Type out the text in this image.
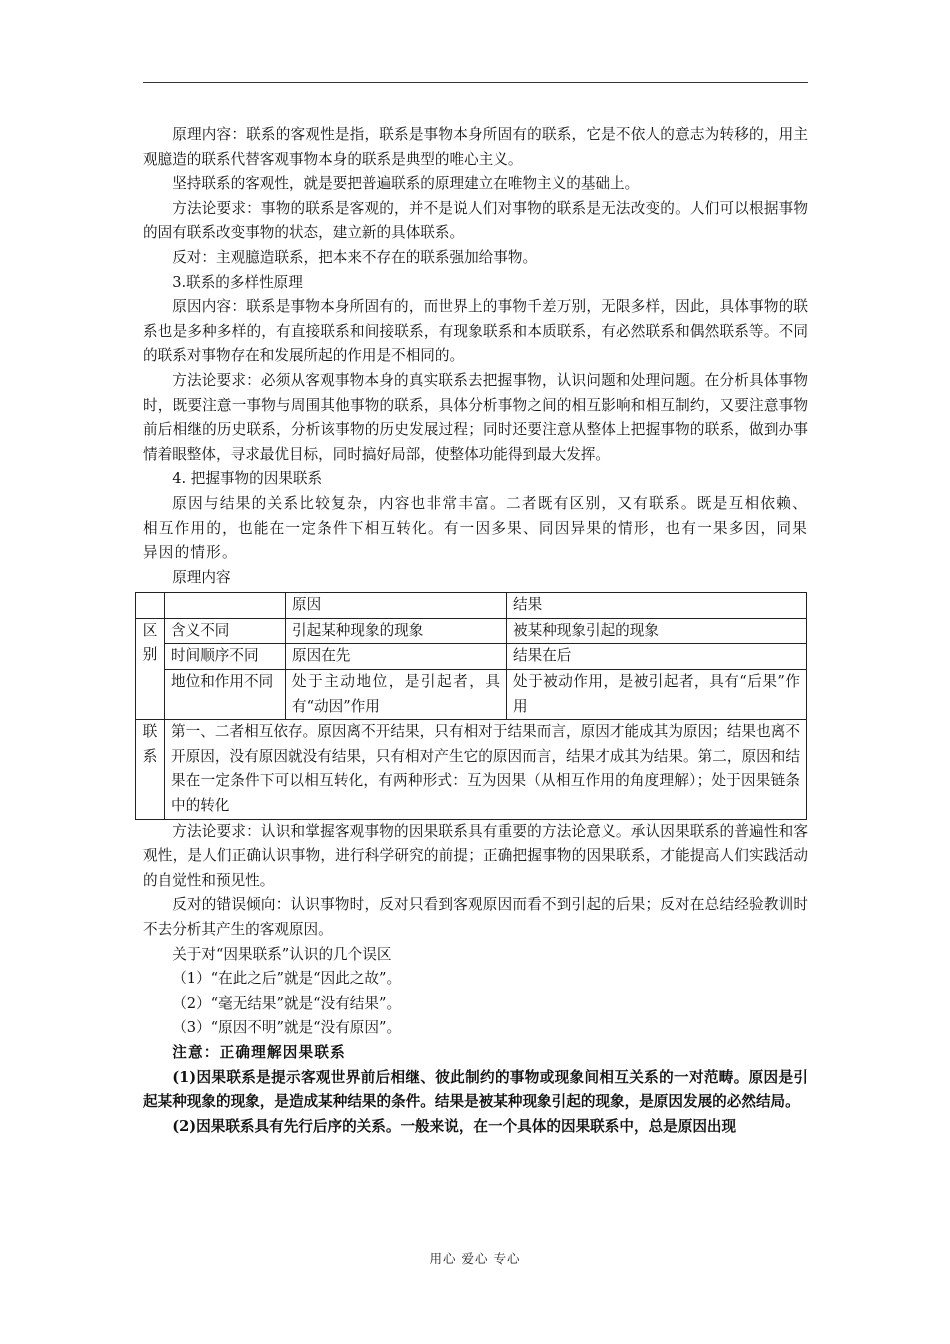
原理内容：联系的客观性是指，联系是事物本身所固有的联系，它是不依人的意志为转移的，用主观臆造的联系代替客观事物本身的联系是典型的唯心主义。

坚持联系的客观性，就是要把普遍联系的原理建立在唯物主义的基础上。

方法论要求：事物的联系是客观的，并不是说人们对事物的联系是无法改变的。人们可以根据事物的固有联系改变事物的状态，建立新的具体联系。

反对：主观臆造联系，把本来不存在的联系强加给事物。

3.联系的多样性原理

原因内容：联系是事物本身所固有的，而世界上的事物千差万别，无限多样，因此，具体事物的联系也是多种多样的，有直接联系和间接联系，有现象联系和本质联系，有必然联系和偶然联系等。不同的联系对事物存在和发展所起的作用是不相同的。

方法论要求：必须从客观事物本身的真实联系去把握事物，认识问题和处理问题。在分析具体事物时，既要注意一事物与周围其他事物的联系，具体分析事物之间的相互影响和相互制约，又要注意事物前后相继的历史联系，分析该事物的历史发展过程；同时还要注意从整体上把握事物的联系，做到办事情着眼整体，寻求最优目标，同时搞好局部，使整体功能得到最大发挥。

4. 把握事物的因果联系

原因与结果的关系比较复杂，内容也非常丰富。二者既有区别，又有联系。既是互相依赖、相互作用的，也能在一定条件下相互转化。有一因多果、同因异果的情形，也有一果多因，同果异因的情形。

原理内容

		原因	结果
区别	含义不同	引起某种现象的现象	被某种现象引起的现象
	时间顺序不同	原因在先	结果在后
	地位和作用不同	处于主动地位，是引起者，具有“动因”作用	处于被动作用，是被引起者，具有“后果”作用
联系	第一、二者相互依存。原因离不开结果，只有相对于结果而言，原因才能成其为原因；结果也离不开原因，没有原因就没有结果，只有相对产生它的原因而言，结果才成其为结果。第二，原因和结果在一定条件下可以相互转化，有两种形式：互为因果（从相互作用的角度理解）；处于因果链条中的转化		

方法论要求：认识和掌握客观事物的因果联系具有重要的方法论意义。承认因果联系的普遍性和客观性，是人们正确认识事物，进行科学研究的前提；正确把握事物的因果联系，才能提高人们实践活动的自觉性和预见性。

反对的错误倾向：认识事物时，反对只看到客观原因而看不到引起的后果；反对在总结经验教训时不去分析其产生的客观原因。

关于对“因果联系”认识的几个误区

（1）“在此之后”就是“因此之故”。

（2）“毫无结果”就是“没有结果”。

（3）“原因不明”就是“没有原因”。

注意：正确理解因果联系

(1)因果联系是提示客观世界前后相继、彼此制约的事物或现象间相互关系的一对范畴。原因是引起某种现象的现象，是造成某种结果的条件。结果是被某种现象引起的现象，是原因发展的必然结局。

(2)因果联系具有先行后序的关系。一般来说，在一个具体的因果联系中，总是原因出现

用心 爱心 专心
